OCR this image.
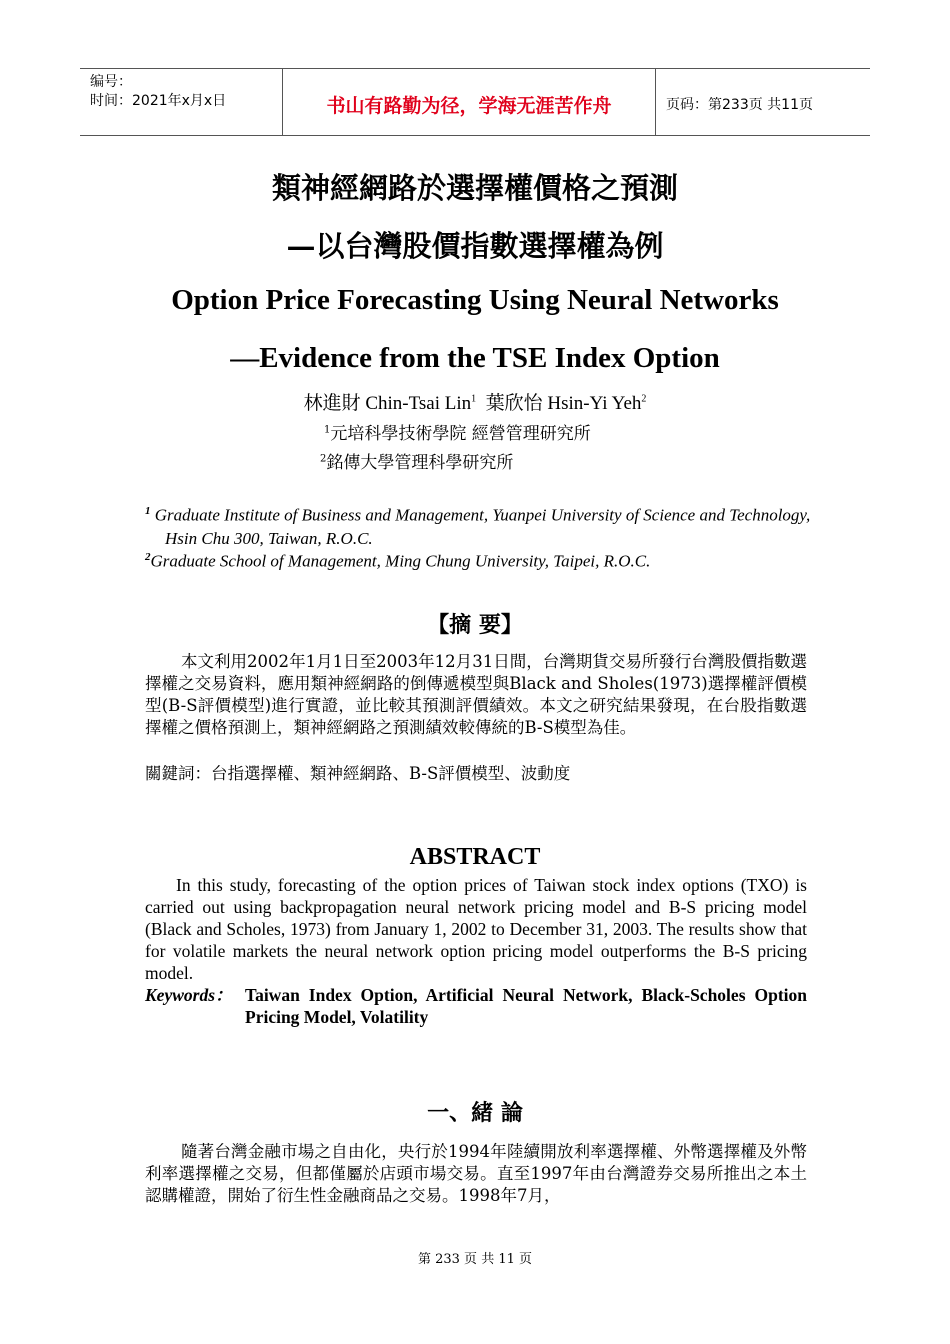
编号：
时间：2021年x月x日	书山有路勤为径，学海无涯苦作舟	页码：第233页 共11页
類神經網路於選擇權價格之預測
—以台灣股價指數選擇權為例
Option Price Forecasting Using Neural Networks
—Evidence from the TSE Index Option
林進財 Chin-Tsai Lin$^1$ 葉欣怡 Hsin-Yi Yeh$^2$
$^1$元培科學技術學院 經營管理研究所
$^2$銘傳大學管理科學研究所
$^1$ Graduate Institute of Business and Management, Yuanpei University of Science and Technology, Hsin Chu 300, Taiwan, R.O.C.
$^2$Graduate School of Management, Ming Chung University, Taipei, R.O.C.
【摘 要】
本文利用2002年1月1日至2003年12月31日間，台灣期貨交易所發行台灣股價指數選擇權之交易資料，應用類神經網路的倒傳遞模型與Black and Sholes(1973)選擇權評價模型(B-S評價模型)進行實證，並比較其預測評價績效。本文之研究結果發現，在台股指數選擇權之價格預測上，類神經網路之預測績效較傳統的B-S模型為佳。
關鍵詞：台指選擇權、類神經網路、B-S評價模型、波動度
ABSTRACT
In this study, forecasting of the option prices of Taiwan stock index options (TXO) is carried out using backpropagation neural network pricing model and B-S pricing model (Black and Scholes, 1973) from January 1, 2002 to December 31, 2003. The results show that for volatile markets the neural network option pricing model outperforms the B-S pricing model.
Keywords： Taiwan Index Option, Artificial Neural Network, Black-Scholes Option Pricing Model, Volatility
一、緒 論
隨著台灣金融市場之自由化，央行於1994年陸續開放利率選擇權、外幣選擇權及外幣利率選擇權之交易，但都僅屬於店頭市場交易。直至1997年由台灣證券交易所推出之本土認購權證，開始了衍生性金融商品之交易。1998年7月，
第 233 页 共 11 页
